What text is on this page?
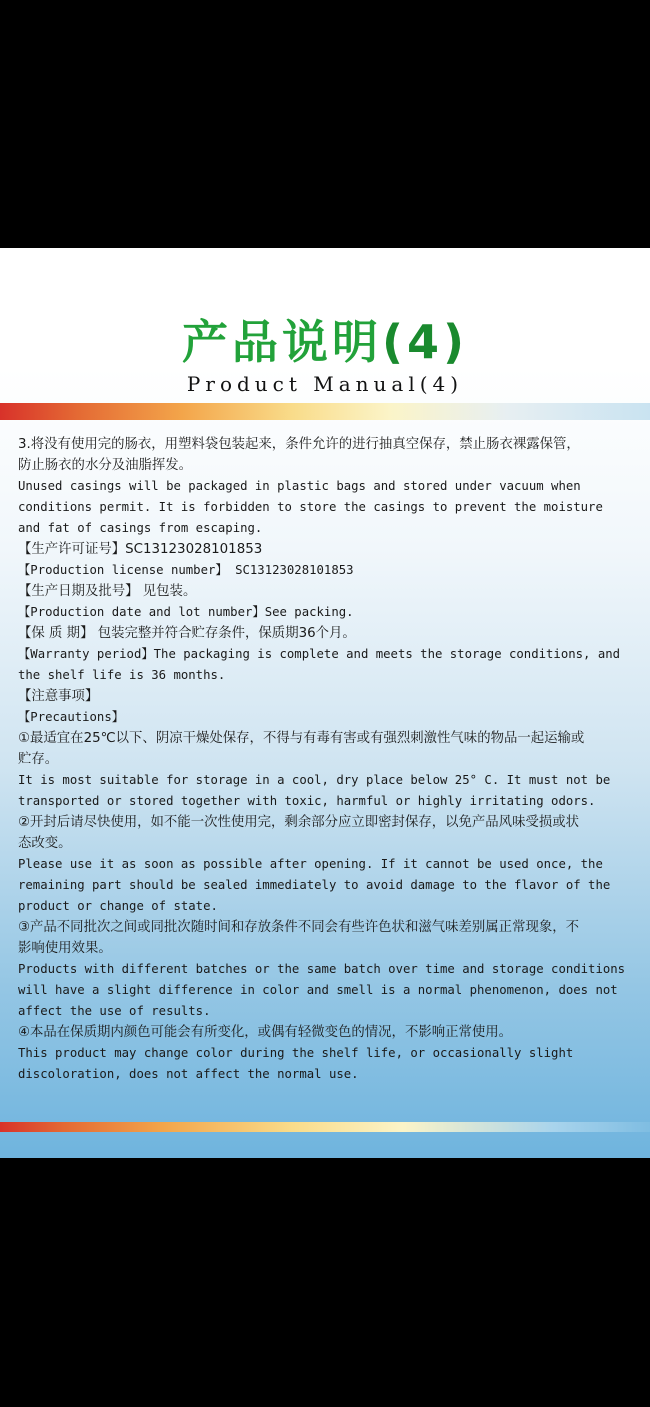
产品说明(4)
Product Manual(4)
3.将没有使用完的肠衣，用塑料袋包装起来，条件允许的进行抽真空保存，禁止肠衣裸露保管，
防止肠衣的水分及油脂挥发。
Unused casings will be packaged in plastic bags and stored under vacuum when
conditions permit. It is forbidden to store the casings to prevent the moisture
and fat of casings from escaping.
【生产许可证号】SC13123028101853
【Production license number】 SC13123028101853
【生产日期及批号】 见包装。
【Production date and lot number】See packing.
【保 质 期】 包装完整并符合贮存条件，保质期36个月。
【Warranty period】The packaging is complete and meets the storage conditions, and
the shelf life is 36 months.
【注意事项】
【Precautions】
①最适宜在25℃以下、阴凉干燥处保存，不得与有毒有害或有强烈刺激性气味的物品一起运输或
贮存。
It is most suitable for storage in a cool, dry place below 25° C. It must not be
transported or stored together with toxic, harmful or highly irritating odors.
②开封后请尽快使用，如不能一次性使用完，剩余部分应立即密封保存，以免产品风味受损或状
态改变。
Please use it as soon as possible after opening. If it cannot be used once, the
remaining part should be sealed immediately to avoid damage to the flavor of the
product or change of state.
③产品不同批次之间或同批次随时间和存放条件不同会有些许色状和滋气味差别属正常现象，不
影响使用效果。
Products with different batches or the same batch over time and storage conditions
will have a slight difference in color and smell is a normal phenomenon, does not
affect the use of results.
④本品在保质期内颜色可能会有所变化，或偶有轻微变色的情况，不影响正常使用。
This product may change color during the shelf life, or occasionally slight
discoloration, does not affect the normal use.
